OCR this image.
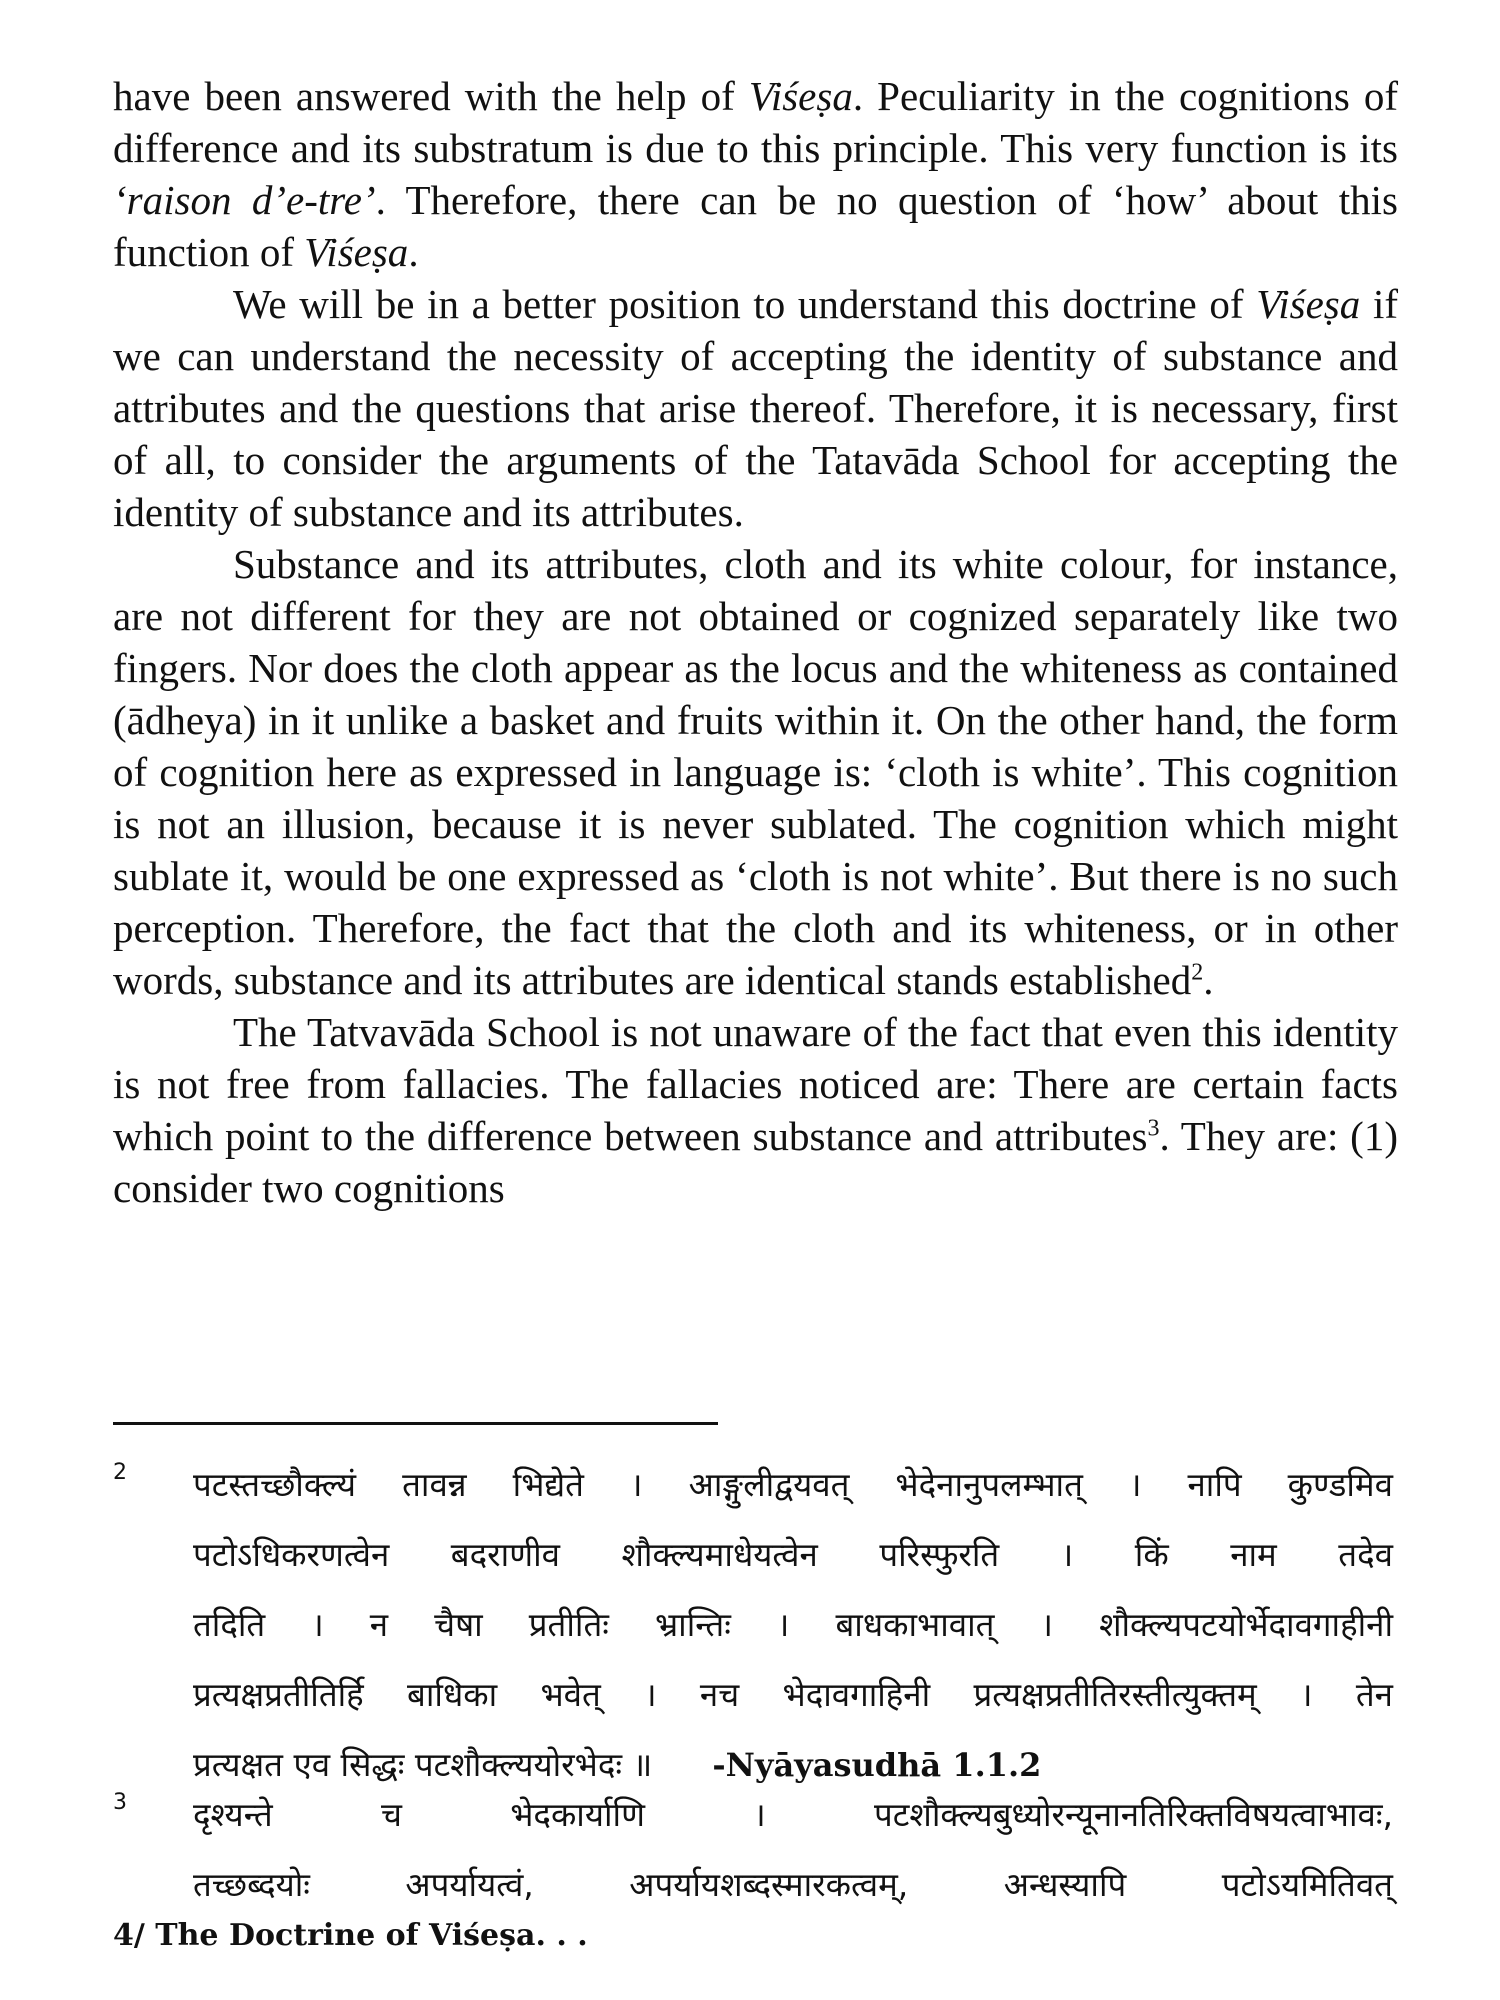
have been answered with the help of Viśeṣa. Peculiarity in the cognitions of difference and its substratum is due to this principle. This very function is its ‘raison d’e-tre’. Therefore, there can be no question of ‘how’ about this function of Viśeṣa.

We will be in a better position to understand this doctrine of Viśeṣa if we can understand the necessity of accepting the identity of substance and attributes and the questions that arise thereof. Therefore, it is necessary, first of all, to consider the arguments of the Tatavāda School for accepting the identity of substance and its attributes.

Substance and its attributes, cloth and its white colour, for instance, are not different for they are not obtained or cognized separately like two fingers. Nor does the cloth appear as the locus and the whiteness as contained (ādheya) in it unlike a basket and fruits within it. On the other hand, the form of cognition here as expressed in language is: ‘cloth is white’. This cognition is not an illusion, because it is never sublated. The cognition which might sublate it, would be one expressed as ‘cloth is not white’. But there is no such perception. Therefore, the fact that the cloth and its whiteness, or in other words, substance and its attributes are identical stands established$^2$.

The Tatvavāda School is not unaware of the fact that even this identity is not free from fallacies. The fallacies noticed are: There are certain facts which point to the difference between substance and attributes$^3$. They are: (1) consider two cognitions

2 पटस्तच्छौक्ल्यं तावन्न भिद्येते । आङ्गुलीद्वयवत् भेदेनानुपलम्भात् । नापि कुण्डमिव
पटोऽधिकरणत्वेन बदराणीव शौक्ल्यमाधेयत्वेन परिस्फुरति । किं नाम तदेव
तदिति । न चैषा प्रतीतिः भ्रान्तिः । बाधकाभावात् । शौक्ल्यपटयोर्भेदावगाहीनी
प्रत्यक्षप्रतीतिर्हि बाधिका भवेत् । नच भेदावगाहिनी प्रत्यक्षप्रतीतिरस्तीत्युक्तम् । तेन
प्रत्यक्षत एव सिद्धः पटशौक्ल्ययोरभेदः ॥ -Nyāyasudhā 1.1.2
3 दृश्यन्ते च भेदकार्याणि । पटशौक्ल्यबुध्योरन्यूनानतिरिक्तविषयत्वाभावः,
तच्छब्दयोः अपर्यायत्वं, अपर्यायशब्दस्मारकत्वम्, अन्धस्यापि पटोऽयमितिवत्
4/ The Doctrine of Viśeṣa. . .
